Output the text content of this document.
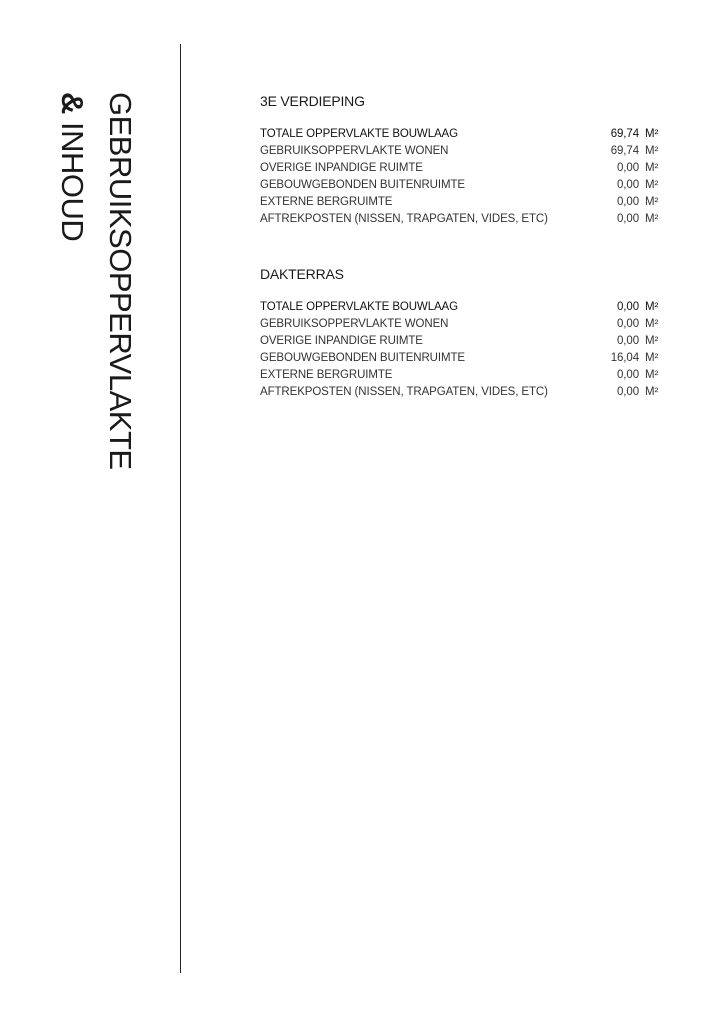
GEBRUIKSOPPERVLAKTE
& INHOUD
3E VERDIEPING
TOTALE OPPERVLAKTE BOUWLAAG	69,74 M²
GEBRUIKSOPPERVLAKTE WONEN	69,74 M²
OVERIGE INPANDIGE RUIMTE	0,00 M²
GEBOUWGEBONDEN BUITENRUIMTE	0,00 M²
EXTERNE BERGRUIMTE	0,00 M²
AFTREKPOSTEN (NISSEN, TRAPGATEN, VIDES, ETC)	0,00 M²
DAKTERRAS
TOTALE OPPERVLAKTE BOUWLAAG	0,00 M²
GEBRUIKSOPPERVLAKTE WONEN	0,00 M²
OVERIGE INPANDIGE RUIMTE	0,00 M²
GEBOUWGEBONDEN BUITENRUIMTE	16,04 M²
EXTERNE BERGRUIMTE	0,00 M²
AFTREKPOSTEN (NISSEN, TRAPGATEN, VIDES, ETC)	0,00 M²
